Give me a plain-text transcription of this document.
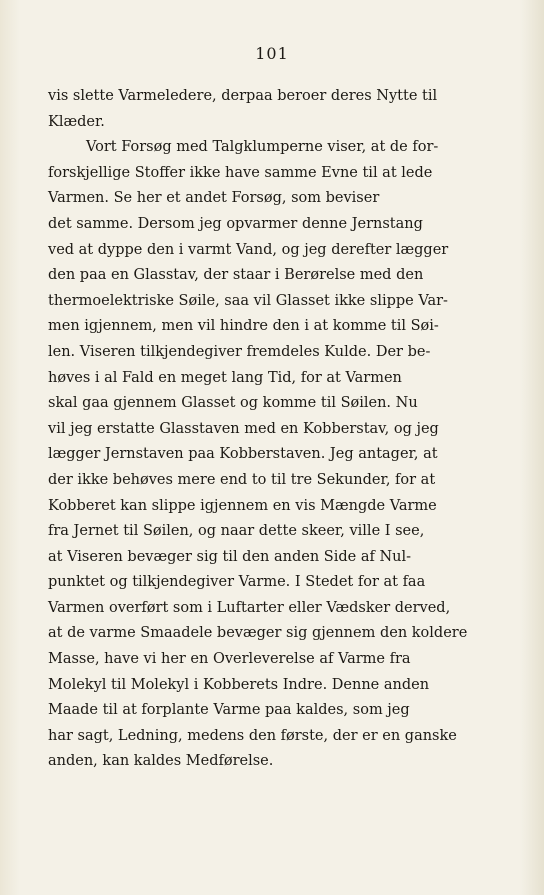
101
vis slette Varmeledere, derpaa beroer deres Nytte til
Klæder.
Vort Forsøg med Talgklumperne viser, at de for-
forskjellige Stoffer ikke have samme Evne til at lede
Varmen. Se her et andet Forsøg, som beviser
det samme. Dersom jeg opvarmer denne Jernstang
ved at dyppe den i varmt Vand, og jeg derefter lægger
den paa en Glasstav, der staar i Berørelse med den
thermoelektriske Søile, saa vil Glasset ikke slippe Var-
men igjennem, men vil hindre den i at komme til Søi-
len. Viseren tilkjendegiver fremdeles Kulde. Der be-
høves i al Fald en meget lang Tid, for at Varmen
skal gaa gjennem Glasset og komme til Søilen. Nu
vil jeg erstatte Glasstaven med en Kobberstav, og jeg
lægger Jernstaven paa Kobberstaven. Jeg antager, at
der ikke behøves mere end to til tre Sekunder, for at
Kobberet kan slippe igjennem en vis Mængde Varme
fra Jernet til Søilen, og naar dette skeer, ville I see,
at Viseren bevæger sig til den anden Side af Nul-
punktet og tilkjendegiver Varme. I Stedet for at faa
Varmen overført som i Luftarter eller Vædsker derved,
at de varme Smaadele bevæger sig gjennem den koldere
Masse, have vi her en Overleverelse af Varme fra
Molekyl til Molekyl i Kobberets Indre. Denne anden
Maade til at forplante Varme paa kaldes, som jeg
har sagt, Ledning, medens den første, der er en ganske
anden, kan kaldes Medførelse.
